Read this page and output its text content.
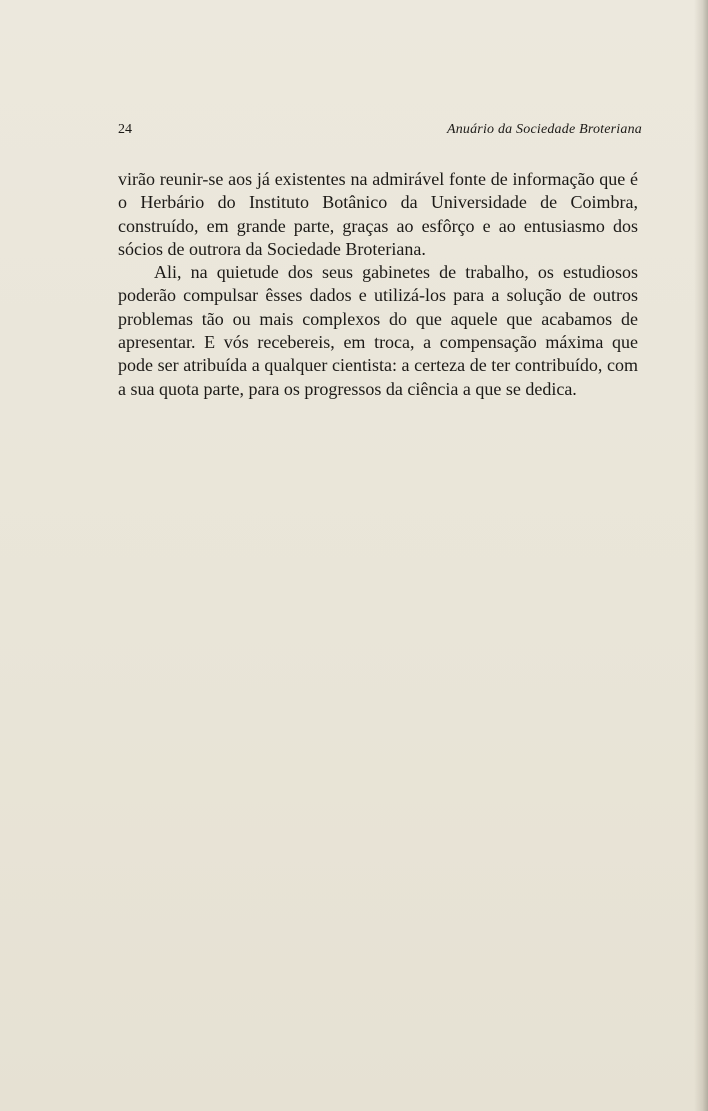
24	Anuário da Sociedade Broteriana

virão reunir-se aos já existentes na admirável fonte de informação que é o Herbário do Instituto Botânico da Universidade de Coimbra, construído, em grande parte, graças ao esfôrço e ao entusiasmo dos sócios de outrora da Sociedade Broteriana.

Ali, na quietude dos seus gabinetes de trabalho, os estudiosos poderão compulsar êsses dados e utilizá-los para a solução de outros problemas tão ou mais complexos do que aquele que acabamos de apresentar. E vós recebereis, em troca, a compensação máxima que pode ser atribuída a qualquer cientista: a certeza de ter contribuído, com a sua quota parte, para os progressos da ciência a que se dedica.
